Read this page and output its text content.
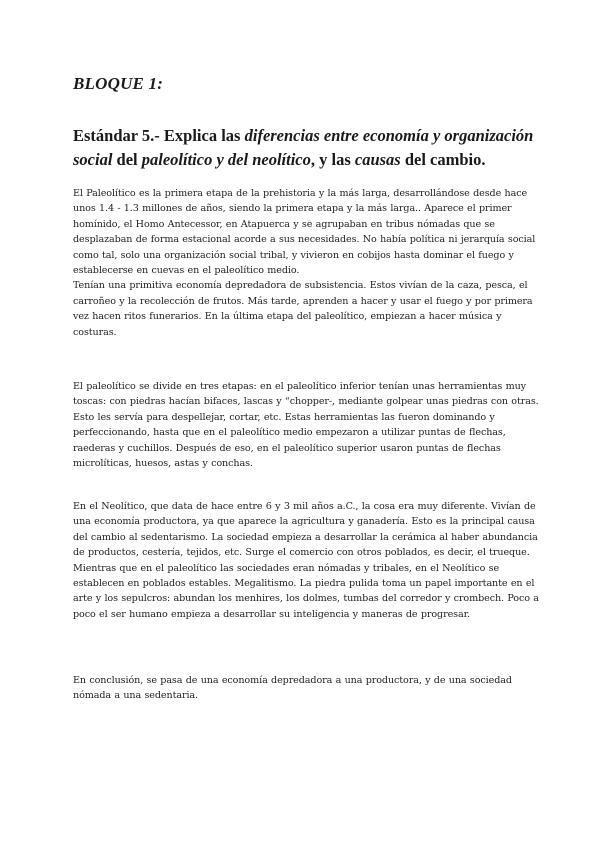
BLOQUE 1:
Estándar 5.- Explica las diferencias entre economía y organización social del paleolítico y del neolítico, y las causas del cambio.

El Paleolítico es la primera etapa de la prehistoria y la más larga, desarrollándose desde hace unos 1.4 - 1.3 millones de años, siendo la primera etapa y la más larga.. Aparece el primer homínido, el Homo Antecessor, en Atapuerca y se agrupaban en tribus nómadas que se desplazaban de forma estacional acorde a sus necesidades. No había política ni jerarquía social como tal, solo una organización social tribal, y vivieron en cobijos hasta dominar el fuego y establecerse en cuevas en el paleolítico medio.
Tenían una primitiva economía depredadora de subsistencia. Estos vivían de la caza, pesca, el carroñeo y la recolección de frutos. Más tarde, aprenden a hacer y usar el fuego y por primera vez hacen ritos funerarios. En la última etapa del paleolítico, empiezan a hacer música y costuras.

El paleolítico se divide en tres etapas: en el paleolítico inferior tenían unas herramientas muy toscas: con piedras hacían bifaces, lascas y “chopper-, mediante golpear unas piedras con otras. Esto les servía para despellejar, cortar, etc. Estas herramientas las fueron dominando y perfeccionando, hasta que en el paleolítico medio empezaron a utilizar puntas de flechas, raederas y cuchillos. Después de eso, en el paleolítico superior usaron puntas de flechas microlíticas, huesos, astas y conchas.

En el Neolítico, que data de hace entre 6 y 3 mil años a.C., la cosa era muy diferente. Vivían de una economía productora, ya que aparece la agricultura y ganadería. Esto es la principal causa del cambio al sedentarismo. La sociedad empieza a desarrollar la cerámica al haber abundancia de productos, cestería, tejidos, etc. Surge el comercio con otros poblados, es decir, el trueque. Mientras que en el paleolítico las sociedades eran nómadas y tribales, en el Neolítico se establecen en poblados estables. Megalitismo. La piedra pulida toma un papel importante en el arte y los sepulcros: abundan los menhires, los dolmes, tumbas del corredor y crombech. Poco a poco el ser humano empieza a desarrollar su inteligencia y maneras de progresar.

En conclusión, se pasa de una economía depredadora a una productora, y de una sociedad nómada a una sedentaria.
